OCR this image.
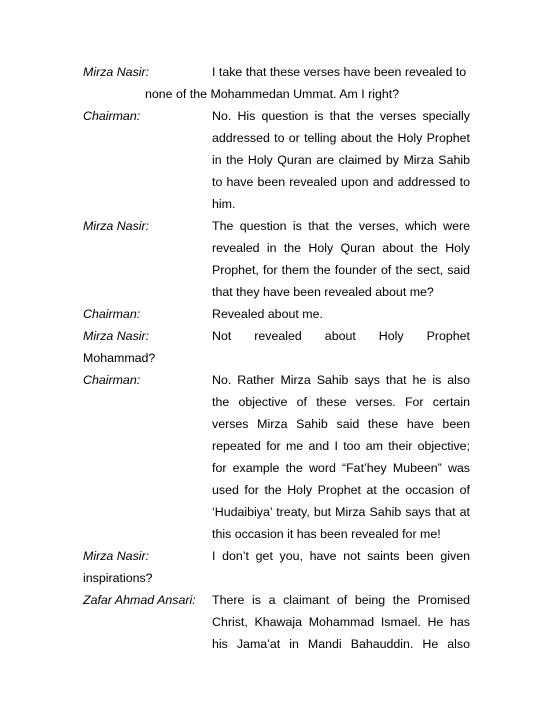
Mirza Nasir:	I take that these verses have been revealed to
none of the Mohammedan Ummat. Am I right?
Chairman:	No. His question is that the verses specially
addressed to or telling about the Holy Prophet
in the Holy Quran are claimed by Mirza Sahib
to have been revealed upon and addressed to
him.
Mirza Nasir:	The question is that the verses, which were
revealed in the Holy Quran about the Holy
Prophet, for them the founder of the sect, said
that they have been revealed about me?
Chairman:	Revealed about me.
Mirza Nasir:	Not revealed about Holy Prophet
Mohammad?
Chairman:	No. Rather Mirza Sahib says that he is also
the objective of these verses. For certain
verses Mirza Sahib said these have been
repeated for me and I too am their objective;
for example the word “Fat’hey Mubeen” was
used for the Holy Prophet at the occasion of
‘Hudaibiya’ treaty, but Mirza Sahib says that at
this occasion it has been revealed for me!
Mirza Nasir:	I don’t get you, have not saints been given
inspirations?
Zafar Ahmad Ansari: There is a claimant of being the Promised
Christ, Khawaja Mohammad Ismael. He has
his Jama’at in Mandi Bahauddin. He also
